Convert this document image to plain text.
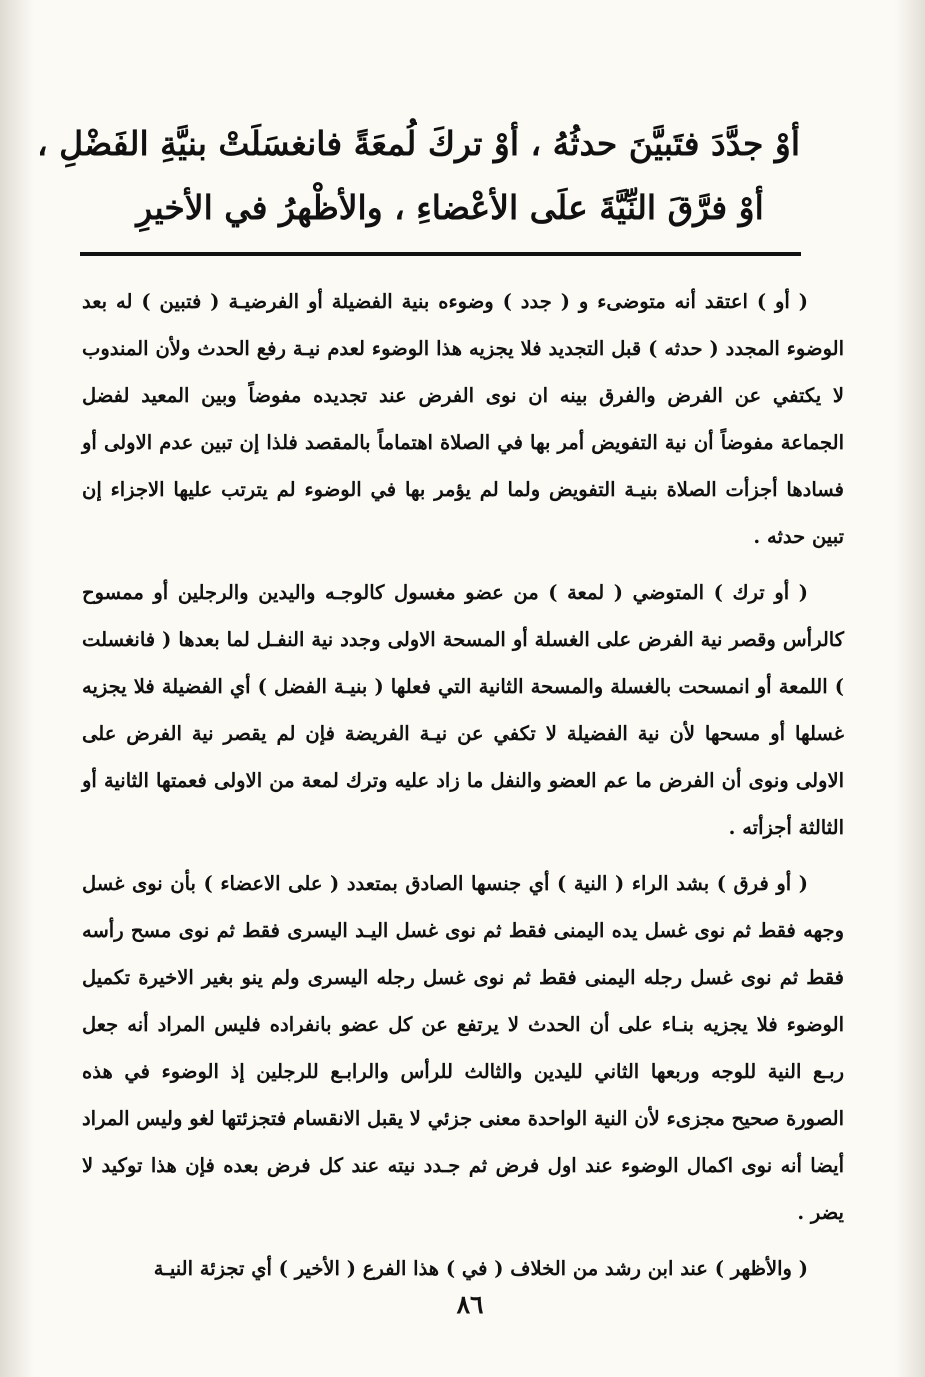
أوْ جدَّدَ فتَبيَّنَ حدثُهُ ، أوْ تركَ لُمعَةً فانغسَلَتْ بنيَّةِ الفَضْلِ ،
أوْ فرَّقَ النِّيَّةَ علَى الأعْضاءِ ، والأظْهرُ في الأخيرِ

( أو ) اعتقد أنه متوضىء و ( جدد ) وضوءه بنية الفضيلة أو الفرضيـة ( فتبين ) له بعد الوضوء المجدد ( حدثه ) قبل التجديد فلا يجزيه هذا الوضوء لعدم نيـة رفع الحدث ولأن المندوب لا يكتفي عن الفرض والفرق بينه ان نوى الفرض عند تجديده مفوضاً وبين المعيد لفضل الجماعة مفوضاً أن نية التفويض أمر بها في الصلاة اهتماماً بالمقصد فلذا إن تبين عدم الاولى أو فسادها أجزأت الصلاة بنيـة التفويض ولما لم يؤمر بها في الوضوء لم يترتب عليها الاجزاء إن تبين حدثه .

( أو ترك ) المتوضي ( لمعة ) من عضو مغسول كالوجـه واليدين والرجلين أو ممسوح كالرأس وقصر نية الفرض على الغسلة أو المسحة الاولى وجدد نية النفـل لما بعدها ( فانغسلت ) اللمعة أو انمسحت بالغسلة والمسحة الثانية التي فعلها ( بنيـة الفضل ) أي الفضيلة فلا يجزيه غسلها أو مسحها لأن نية الفضيلة لا تكفي عن نيـة الفريضة فإن لم يقصر نية الفرض على الاولى ونوى أن الفرض ما عم العضو والنفل ما زاد عليه وترك لمعة من الاولى فعمتها الثانية أو الثالثة أجزأته .

( أو فرق ) بشد الراء ( النية ) أي جنسها الصادق بمتعدد ( على الاعضاء ) بأن نوى غسل وجهه فقط ثم نوى غسل يده اليمنى فقط ثم نوى غسل اليـد اليسرى فقط ثم نوى مسح رأسه فقط ثم نوى غسل رجله اليمنى فقط ثم نوى غسل رجله اليسرى ولم ينو بغير الاخيرة تكميل الوضوء فلا يجزيه بنـاء على أن الحدث لا يرتفع عن كل عضو بانفراده فليس المراد أنه جعل ربـع النية للوجه وربعها الثاني لليدين والثالث للرأس والرابـع للرجلين إذ الوضوء في هذه الصورة صحيح مجزىء لأن النية الواحدة معنى جزئي لا يقبل الانقسام فتجزئتها لغو وليس المراد أيضا أنه نوى اكمال الوضوء عند اول فرض ثم جـدد نيته عند كل فرض بعده فإن هذا توكيد لا يضر .

( والأظهر ) عند ابن رشد من الخلاف ( في ) هذا الفرع ( الأخير ) أي تجزئة النيـة

٨٦
